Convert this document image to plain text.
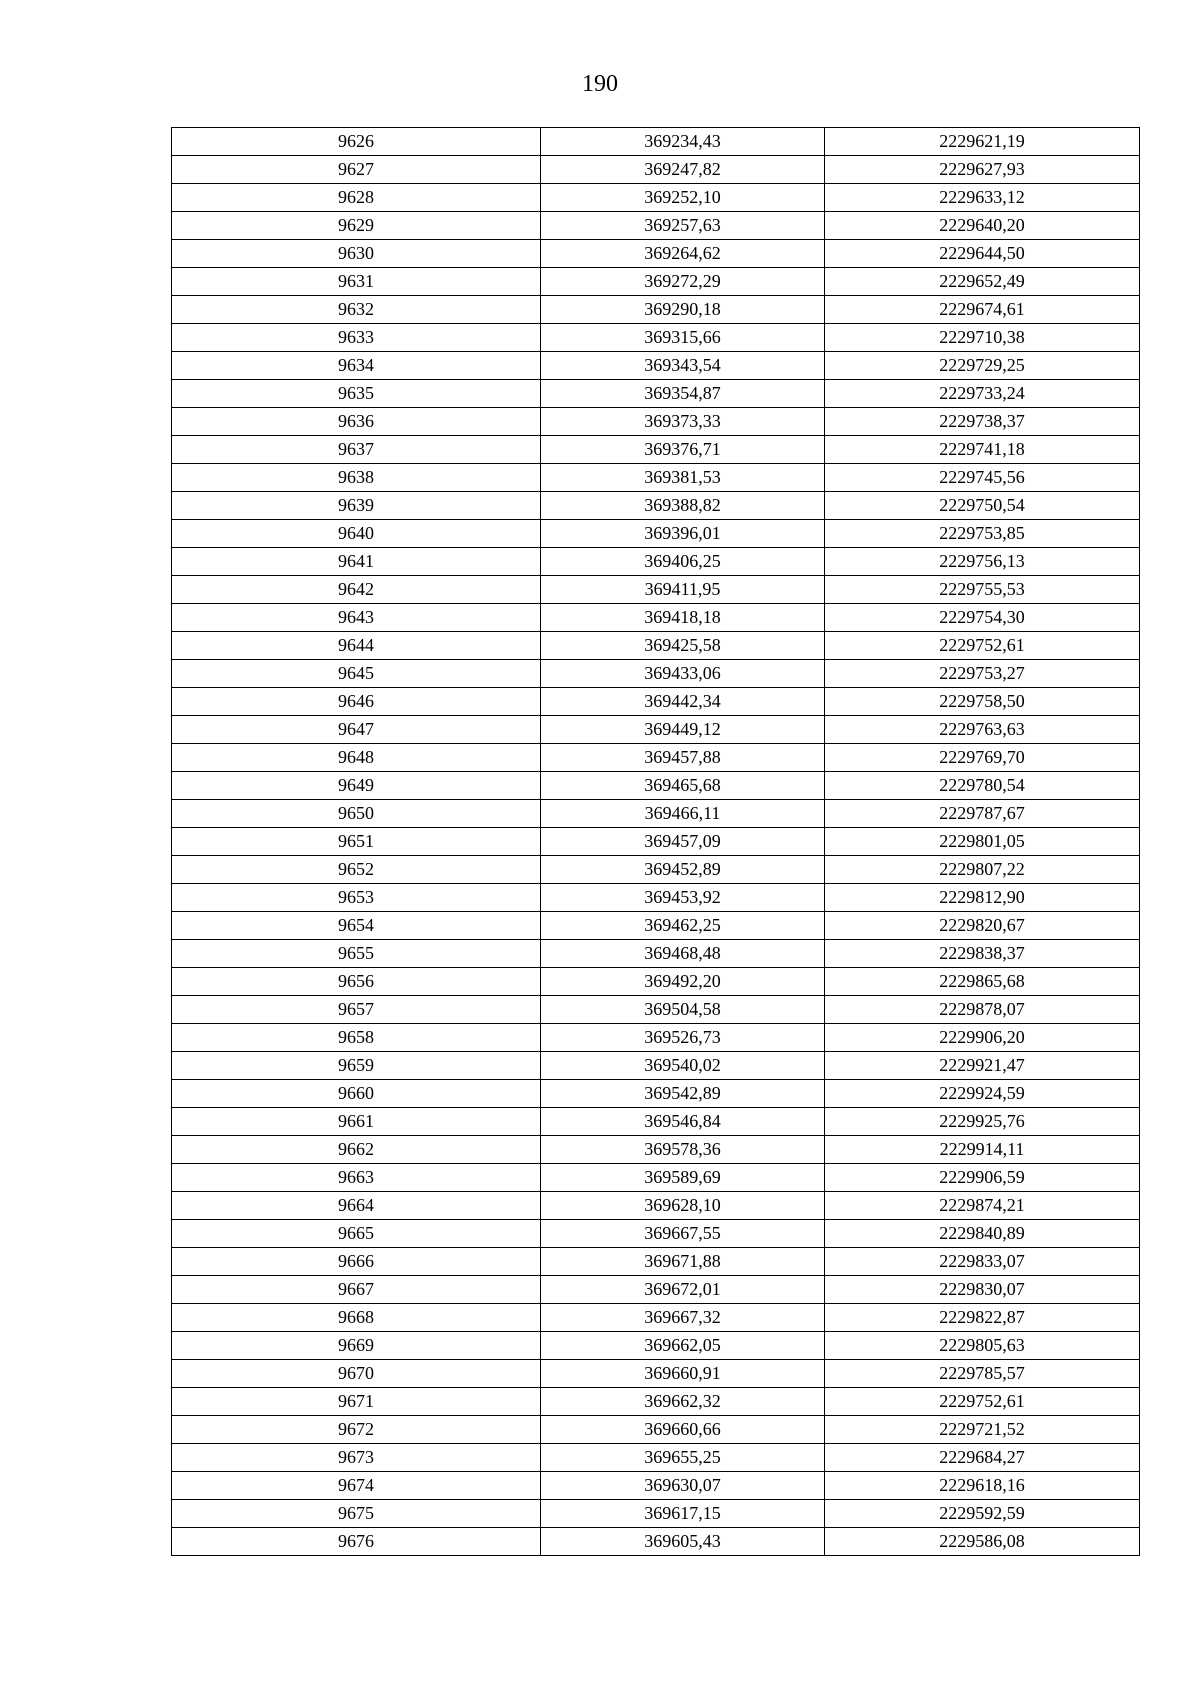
190
9626	369234,43	2229621,19
9627	369247,82	2229627,93
9628	369252,10	2229633,12
9629	369257,63	2229640,20
9630	369264,62	2229644,50
9631	369272,29	2229652,49
9632	369290,18	2229674,61
9633	369315,66	2229710,38
9634	369343,54	2229729,25
9635	369354,87	2229733,24
9636	369373,33	2229738,37
9637	369376,71	2229741,18
9638	369381,53	2229745,56
9639	369388,82	2229750,54
9640	369396,01	2229753,85
9641	369406,25	2229756,13
9642	369411,95	2229755,53
9643	369418,18	2229754,30
9644	369425,58	2229752,61
9645	369433,06	2229753,27
9646	369442,34	2229758,50
9647	369449,12	2229763,63
9648	369457,88	2229769,70
9649	369465,68	2229780,54
9650	369466,11	2229787,67
9651	369457,09	2229801,05
9652	369452,89	2229807,22
9653	369453,92	2229812,90
9654	369462,25	2229820,67
9655	369468,48	2229838,37
9656	369492,20	2229865,68
9657	369504,58	2229878,07
9658	369526,73	2229906,20
9659	369540,02	2229921,47
9660	369542,89	2229924,59
9661	369546,84	2229925,76
9662	369578,36	2229914,11
9663	369589,69	2229906,59
9664	369628,10	2229874,21
9665	369667,55	2229840,89
9666	369671,88	2229833,07
9667	369672,01	2229830,07
9668	369667,32	2229822,87
9669	369662,05	2229805,63
9670	369660,91	2229785,57
9671	369662,32	2229752,61
9672	369660,66	2229721,52
9673	369655,25	2229684,27
9674	369630,07	2229618,16
9675	369617,15	2229592,59
9676	369605,43	2229586,08
